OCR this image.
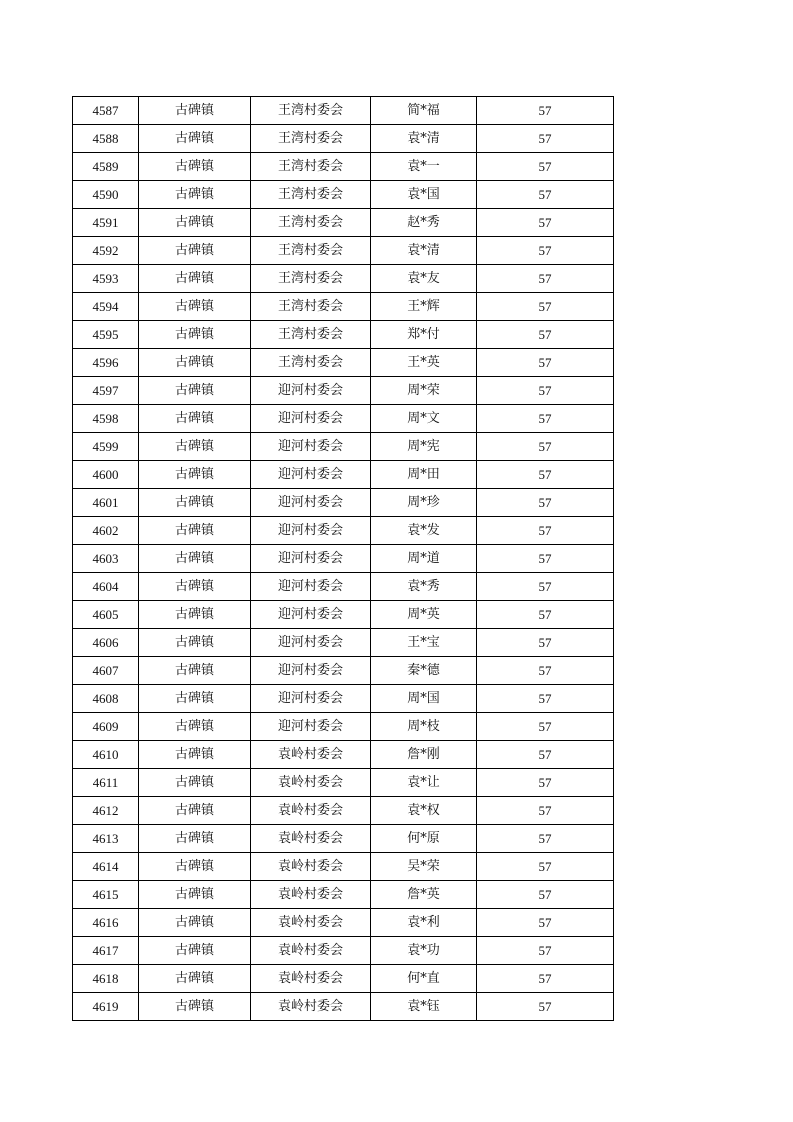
4587	古碑镇	王湾村委会	简*福	57
4588	古碑镇	王湾村委会	袁*清	57
4589	古碑镇	王湾村委会	袁*一	57
4590	古碑镇	王湾村委会	袁*国	57
4591	古碑镇	王湾村委会	赵*秀	57
4592	古碑镇	王湾村委会	袁*清	57
4593	古碑镇	王湾村委会	袁*友	57
4594	古碑镇	王湾村委会	王*辉	57
4595	古碑镇	王湾村委会	郑*付	57
4596	古碑镇	王湾村委会	王*英	57
4597	古碑镇	迎河村委会	周*荣	57
4598	古碑镇	迎河村委会	周*文	57
4599	古碑镇	迎河村委会	周*宪	57
4600	古碑镇	迎河村委会	周*田	57
4601	古碑镇	迎河村委会	周*珍	57
4602	古碑镇	迎河村委会	袁*发	57
4603	古碑镇	迎河村委会	周*道	57
4604	古碑镇	迎河村委会	袁*秀	57
4605	古碑镇	迎河村委会	周*英	57
4606	古碑镇	迎河村委会	王*宝	57
4607	古碑镇	迎河村委会	秦*德	57
4608	古碑镇	迎河村委会	周*国	57
4609	古碑镇	迎河村委会	周*枝	57
4610	古碑镇	袁岭村委会	詹*刚	57
4611	古碑镇	袁岭村委会	袁*让	57
4612	古碑镇	袁岭村委会	袁*权	57
4613	古碑镇	袁岭村委会	何*原	57
4614	古碑镇	袁岭村委会	吴*荣	57
4615	古碑镇	袁岭村委会	詹*英	57
4616	古碑镇	袁岭村委会	袁*利	57
4617	古碑镇	袁岭村委会	袁*功	57
4618	古碑镇	袁岭村委会	何*直	57
4619	古碑镇	袁岭村委会	袁*钰	57
